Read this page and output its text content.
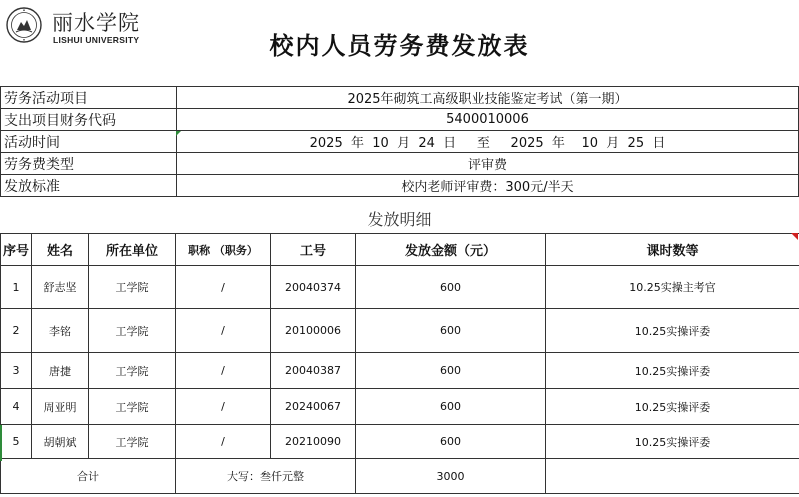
丽水学院
LISHUI UNIVERSITY	校内人员劳务费发放表
劳务活动项目	2025年砌筑工高级职业技能鉴定考试（第一期）
支出项目财务代码	5400010006
活动时间	2025 年 10 月 24 日 至 2025 年 10 月 25 日
劳务费类型	评审费
发放标准	校内老师评审费：300元/半天
发放明细
序号	姓名	所在单位	职称 （职务）	工号	发放金额（元）	课时数等
1	舒志坚	工学院	/	20040374	600	10.25实操主考官
2	李铭	工学院	/	20100006	600	10.25实操评委
3	唐捷	工学院	/	20040387	600	10.25实操评委
4	周亚明	工学院	/	20240067	600	10.25实操评委
5	胡朝斌	工学院	/	20210090	600	10.25实操评委
合计			大写：叁仟元整		3000	
